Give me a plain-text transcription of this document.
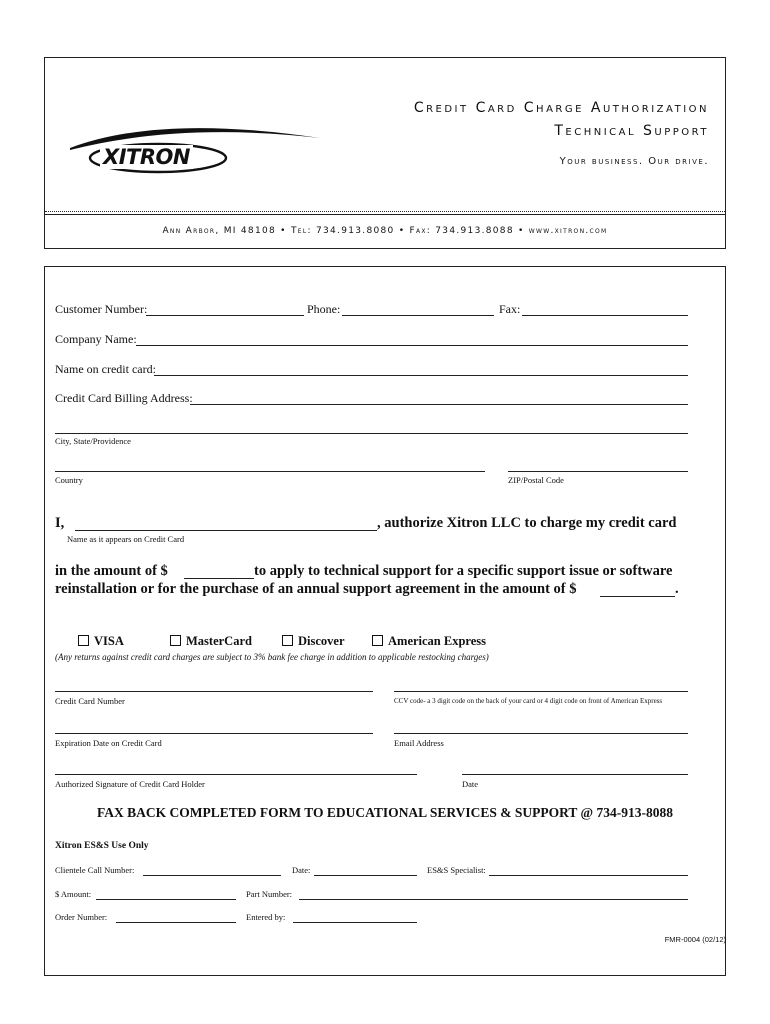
Credit Card Charge Authorization
Technical Support
Your business. Our drive.
XITRON
Ann Arbor, MI 48108 • Tel: 734.913.8080 • Fax: 734.913.8088 • www.xitron.com
Customer Number:	Phone:	Fax:
Company Name:
Name on credit card:
Credit Card Billing Address:
City, State/Providence
Country	ZIP/Postal Code
I,	, authorize Xitron LLC to charge my credit card
Name as it appears on Credit Card
in the amount of $	to apply to technical support for a specific support issue or software
reinstallation or for the purchase of an annual support agreement in the amount of $	.
VISA	MasterCard	Discover	American Express
(Any returns against credit card charges are subject to 3% bank fee charge in addition to applicable restocking charges)
Credit Card Number	CCV code- a 3 digit code on the back of your card or 4 digit code on front of American Express
Expiration Date on Credit Card	Email Address
Authorized Signature of Credit Card Holder	Date
FAX BACK COMPLETED FORM TO EDUCATIONAL SERVICES & SUPPORT @ 734-913-8088
Xitron ES&S Use Only
Clientele Call Number:	Date:	ES&S Specialist:
$ Amount:	Part Number:
Order Number:	Entered by:
FMR-0004 (02/12)
